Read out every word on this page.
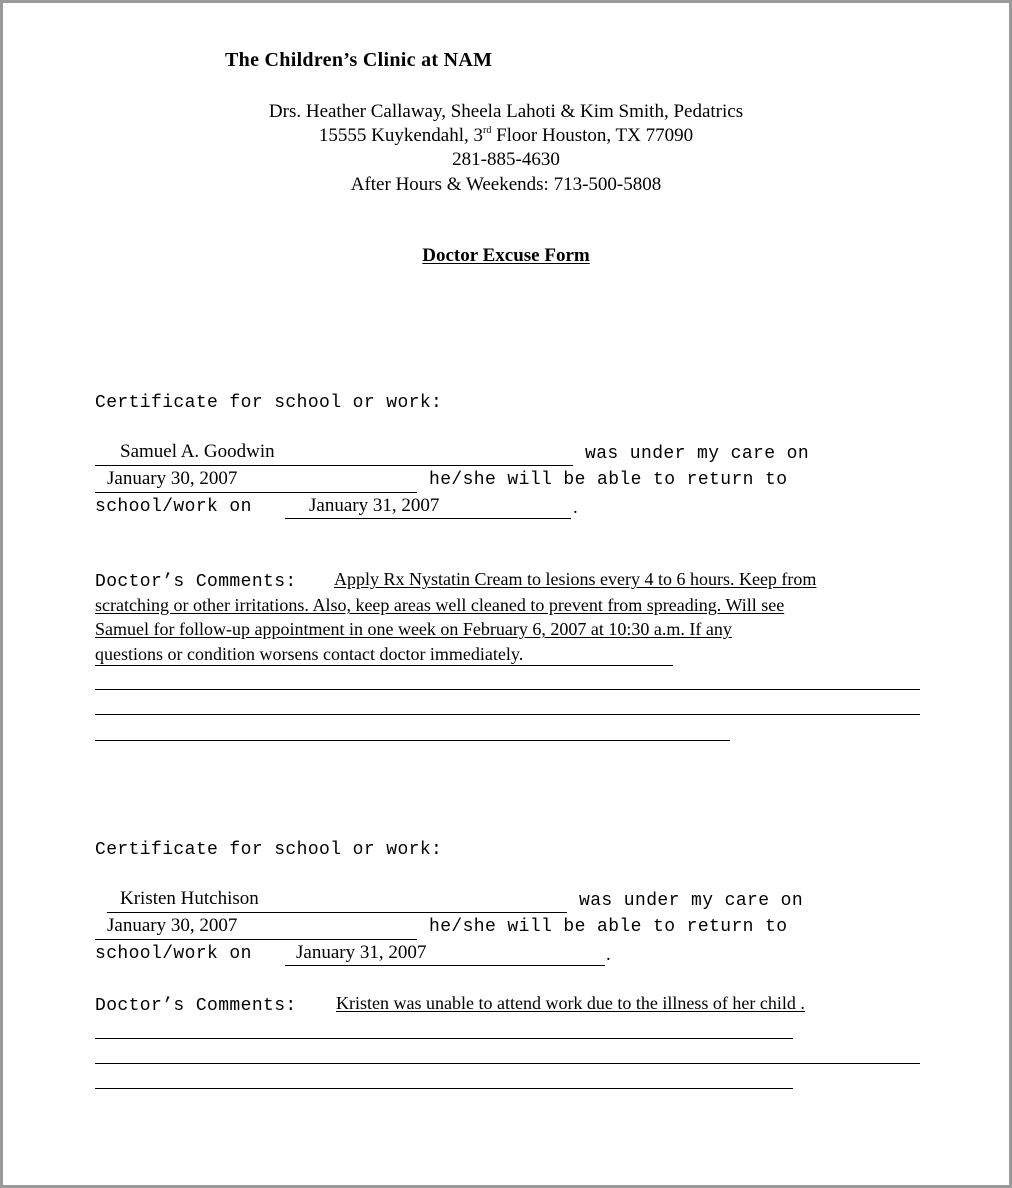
The Children’s Clinic at NAM
Drs. Heather Callaway, Sheela Lahoti & Kim Smith, Pedatrics
15555 Kuykendahl, 3rd Floor Houston, TX 77090
281-885-4630
After Hours & Weekends: 713-500-5808
Doctor Excuse Form
Certificate for school or work:
Samuel A. Goodwin	was under my care on
January 30, 2007	he/she will be able to return to
school/work on	January 31, 2007	.
Doctor’s Comments: Apply Rx Nystatin Cream to lesions every 4 to 6 hours. Keep from
scratching or other irritations. Also, keep areas well cleaned to prevent from spreading. Will see
Samuel for follow-up appointment in one week on February 6, 2007 at 10:30 a.m. If any
questions or condition worsens contact doctor immediately.
Certificate for school or work:
Kristen Hutchison	was under my care on
January 30, 2007	he/she will be able to return to
school/work on January 31, 2007	.
Doctor’s Comments: Kristen was unable to attend work due to the illness of her child .
